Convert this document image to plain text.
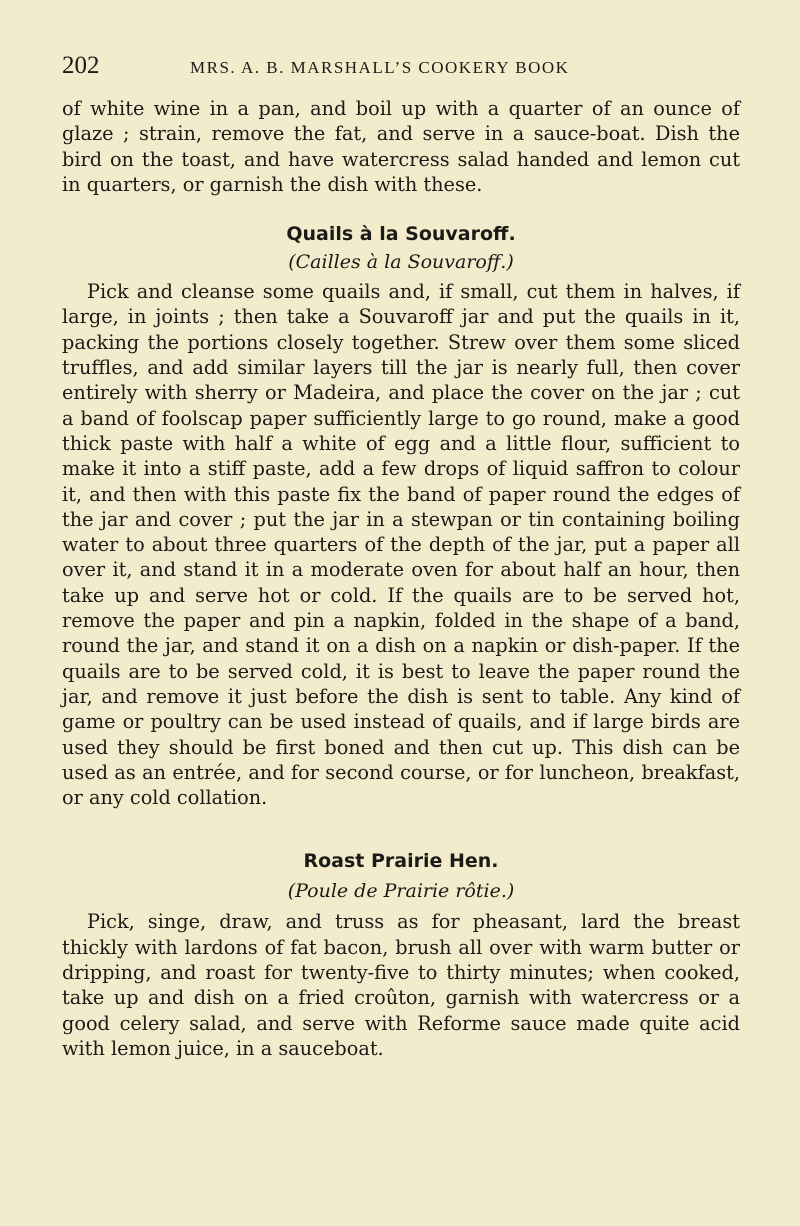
202	MRS. A. B. MARSHALL’S COOKERY BOOK

of white wine in a pan, and boil up with a quarter of an ounce of glaze ; strain, remove the fat, and serve in a sauce-boat. Dish the bird on the toast, and have watercress salad handed and lemon cut in quarters, or garnish the dish with these.

Quails à la Souvaroff.
(Cailles à la Souvaroff.)

Pick and cleanse some quails and, if small, cut them in halves, if large, in joints ; then take a Souvaroff jar and put the quails in it, packing the portions closely together. Strew over them some sliced truffles, and add similar layers till the jar is nearly full, then cover entirely with sherry or Madeira, and place the cover on the jar ; cut a band of foolscap paper sufficiently large to go round, make a good thick paste with half a white of egg and a little flour, sufficient to make it into a stiff paste, add a few drops of liquid saffron to colour it, and then with this paste fix the band of paper round the edges of the jar and cover ; put the jar in a stewpan or tin containing boiling water to about three quarters of the depth of the jar, put a paper all over it, and stand it in a moderate oven for about half an hour, then take up and serve hot or cold. If the quails are to be served hot, remove the paper and pin a napkin, folded in the shape of a band, round the jar, and stand it on a dish on a napkin or dish-paper. If the quails are to be served cold, it is best to leave the paper round the jar, and remove it just before the dish is sent to table. Any kind of game or poultry can be used instead of quails, and if large birds are used they should be first boned and then cut up. This dish can be used as an entrée, and for second course, or for luncheon, breakfast, or any cold collation.

Roast Prairie Hen.
(Poule de Prairie rôtie.)

Pick, singe, draw, and truss as for pheasant, lard the breast thickly with lardons of fat bacon, brush all over with warm butter or dripping, and roast for twenty-five to thirty minutes; when cooked, take up and dish on a fried croûton, garnish with watercress or a good celery salad, and serve with Reforme sauce made quite acid with lemon juice, in a sauceboat.
